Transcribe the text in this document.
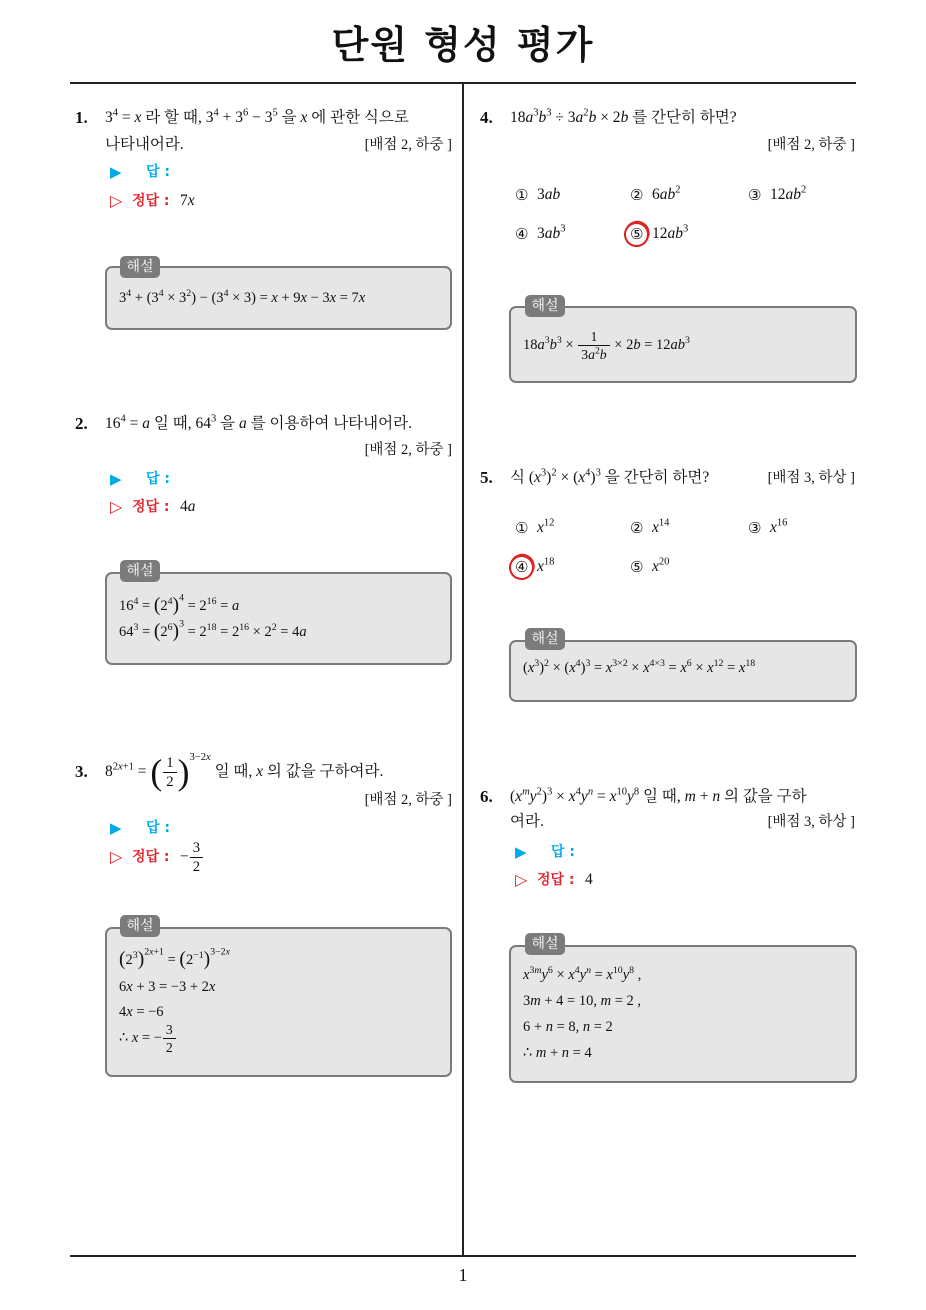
단원 형성 평가
1
1. $3^4 = x$ 라 할 때, $3^4 + 3^6 - 3^5$ 을 x 에 관한 식으로
나타내어라.	[배점 2, 하중 ]
▶ 답 :
▷ 정답 : 7x
해설
$3^4 + (3^4 \times 3^2) - (3^4 \times 3) = x + 9x - 3x = 7x$
2. $16^4 = a$ 일 때, $64^3$ 을 a 를 이용하여 나타내어라.
[배점 2, 하중 ]
▶ 답 :
▷ 정답 : 4a
해설
$16^4 = (2^4)^4 = 2^{16} = a$
$64^3 = (2^6)^3 = 2^{18} = 2^{16} \times 2^2 = 4a$
3. $8^{2x+1}$ = ( $\frac{1}{2} )^{3-2x}$ 일 때, x 의 값을 구하여라.
[배점 2, 하중 ]
▶ 답 :
▷ 정답 : − $\frac{3}{2}$
해설
$(2^3)^{2x+1} = (2^{-1})^{3-2x}$
6x + 3 = −3 + 2x
4x = −6
∴ x = − $\frac{3}{2}$
4. $18a^3b^3 \div 3a^2b \times 2b$ 를 간단히 하면?
[배점 2, 하중 ]
① 3ab	② $6ab^2$	③ $12ab^2$
④ $3ab^3$	⑤ $12ab^3$
해설
$18a^3b^3 \times \frac{1}{3a^2b} \times 2b = 12ab^3$
5. 식 $(x^3)^2 \times (x^4)^3$ 을 간단히 하면?	[배점 3, 하상 ]
① $x^{12}$	② $x^{14}$	③ $x^{16}$
④ $x^{18}$	⑤ $x^{20}$
해설
$(x^3)^2 \times (x^4)^3 = x^{3\times 2} \times x^{4\times 3} = x^6 \times x^{12} = x^{18}$
6. $(x^my^2)^3 \times x^4y^n = x^{10}y^8$ 일 때, m + n 의 값을 구하
여라.	[배점 3, 하상 ]
▶ 답 :
▷ 정답 : 4
해설
$x^{3m}y^6 \times x^4y^n = x^{10}y^8$ ,
3m + 4 = 10, m = 2 ,
6 + n = 8, n = 2
∴ m + n = 4
